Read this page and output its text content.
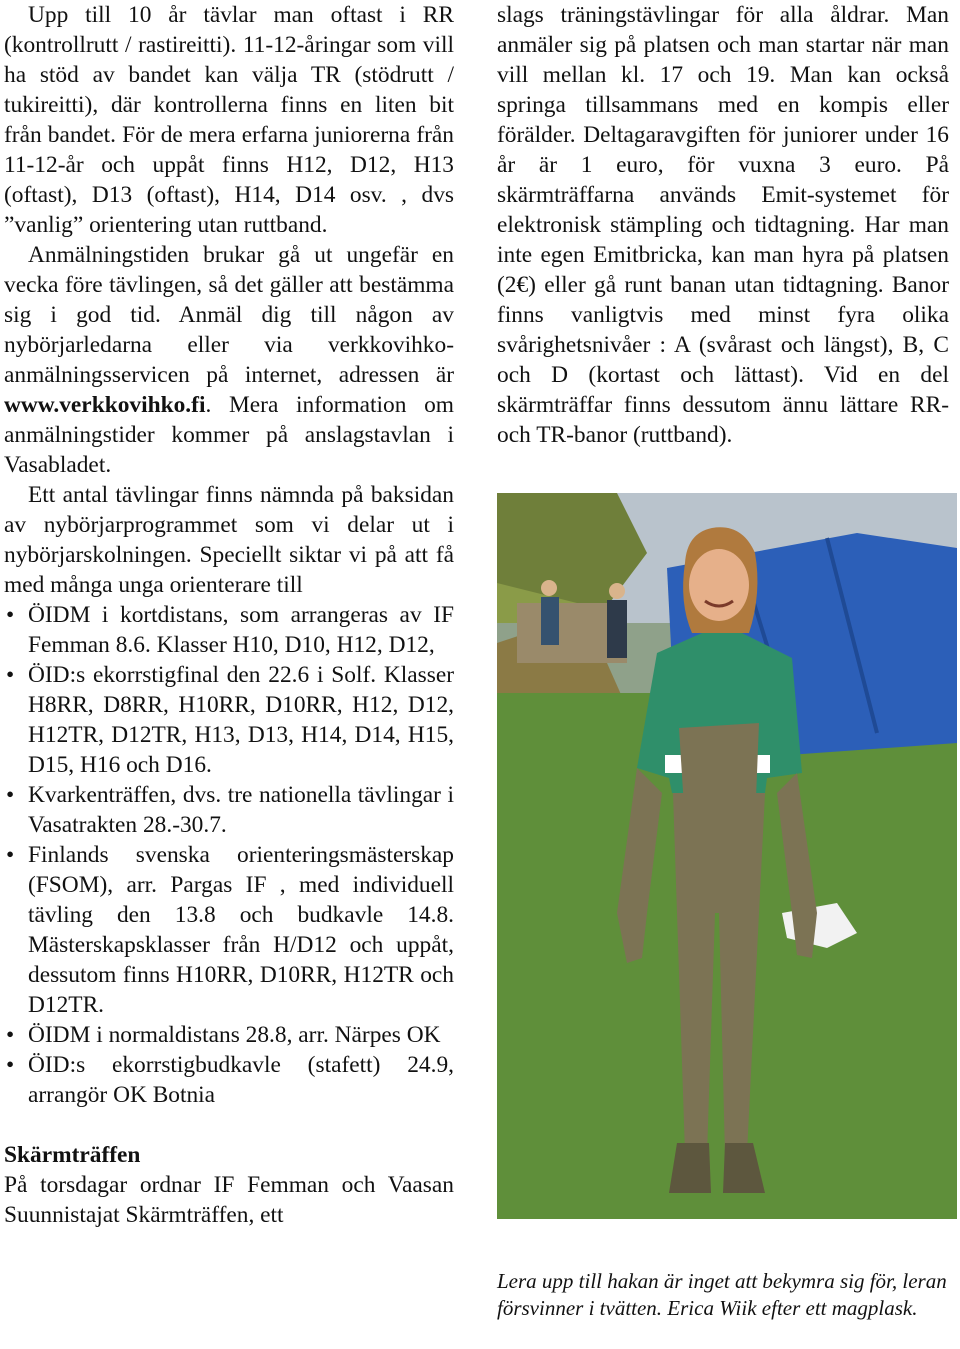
Upp till 10 år tävlar man oftast i RR (kontrollrutt / rastireitti). 11-12-åringar som vill ha stöd av bandet kan välja TR (stödrutt / tukireitti), där kontrollerna finns en liten bit från bandet. För de mera erfarna juniorerna från 11-12-år och uppåt finns H12, D12, H13 (oftast), D13 (oftast), H14, D14 osv. , dvs ”vanlig” orientering utan ruttband.

Anmälningstiden brukar gå ut ungefär en vecka före tävlingen, så det gäller att bestämma sig i god tid. Anmäl dig till någon av nybörjarledarna eller via verkkovihko-anmälningsservicen på internet, adressen är www.verkkovihko.fi. Mera information om anmälningstider kommer på anslagstavlan i Vasabladet.

Ett antal tävlingar finns nämnda på baksidan av nybörjarprogrammet som vi delar ut i nybörjarskolningen. Speciellt siktar vi på att få med många unga orienterare till

• ÖIDM i kortdistans, som arrangeras av IF Femman 8.6. Klasser H10, D10, H12, D12,
• ÖID:s ekorrstigfinal den 22.6 i Solf. Klasser H8RR, D8RR, H10RR, D10RR, H12, D12, H12TR, D12TR, H13, D13, H14, D14, H15, D15, H16 och D16.
• Kvarkenträffen, dvs. tre nationella tävlingar i Vasatrakten 28.-30.7.
• Finlands svenska orienteringsmästerskap (FSOM), arr. Pargas IF , med individuell tävling den 13.8 och budkavle 14.8. Mästerskapsklasser från H/D12 och uppåt, dessutom finns H10RR, D10RR, H12TR och D12TR.
• ÖIDM i normaldistans 28.8, arr. Närpes OK
• ÖID:s ekorrstigbudkavle (stafett) 24.9, arrangör OK Botnia

Skärmträffen

På torsdagar ordnar IF Femman och Vaasan Suunnistajat Skärmträffen, ett

slags träningstävlingar för alla åldrar. Man anmäler sig på platsen och man startar när man vill mellan kl. 17 och 19. Man kan också springa tillsammans med en kompis eller förälder. Deltagaravgiften för juniorer under 16 år är 1 euro, för vuxna 3 euro. På skärmträffarna används Emit-systemet för elektronisk stämpling och tidtagning. Har man inte egen Emitbricka, kan man hyra på platsen (2€) eller gå runt banan utan tidtagning. Banor finns vanligtvis med minst fyra olika svårighetsnivåer : A (svårast och längst), B, C och D (kortast och lättast). Vid en del skärmträffar finns dessutom ännu lättare RR- och TR-banor (ruttband).

Lera upp till hakan är inget att bekymra sig för, leran försvinner i tvätten. Erica Wiik efter ett magplask.
